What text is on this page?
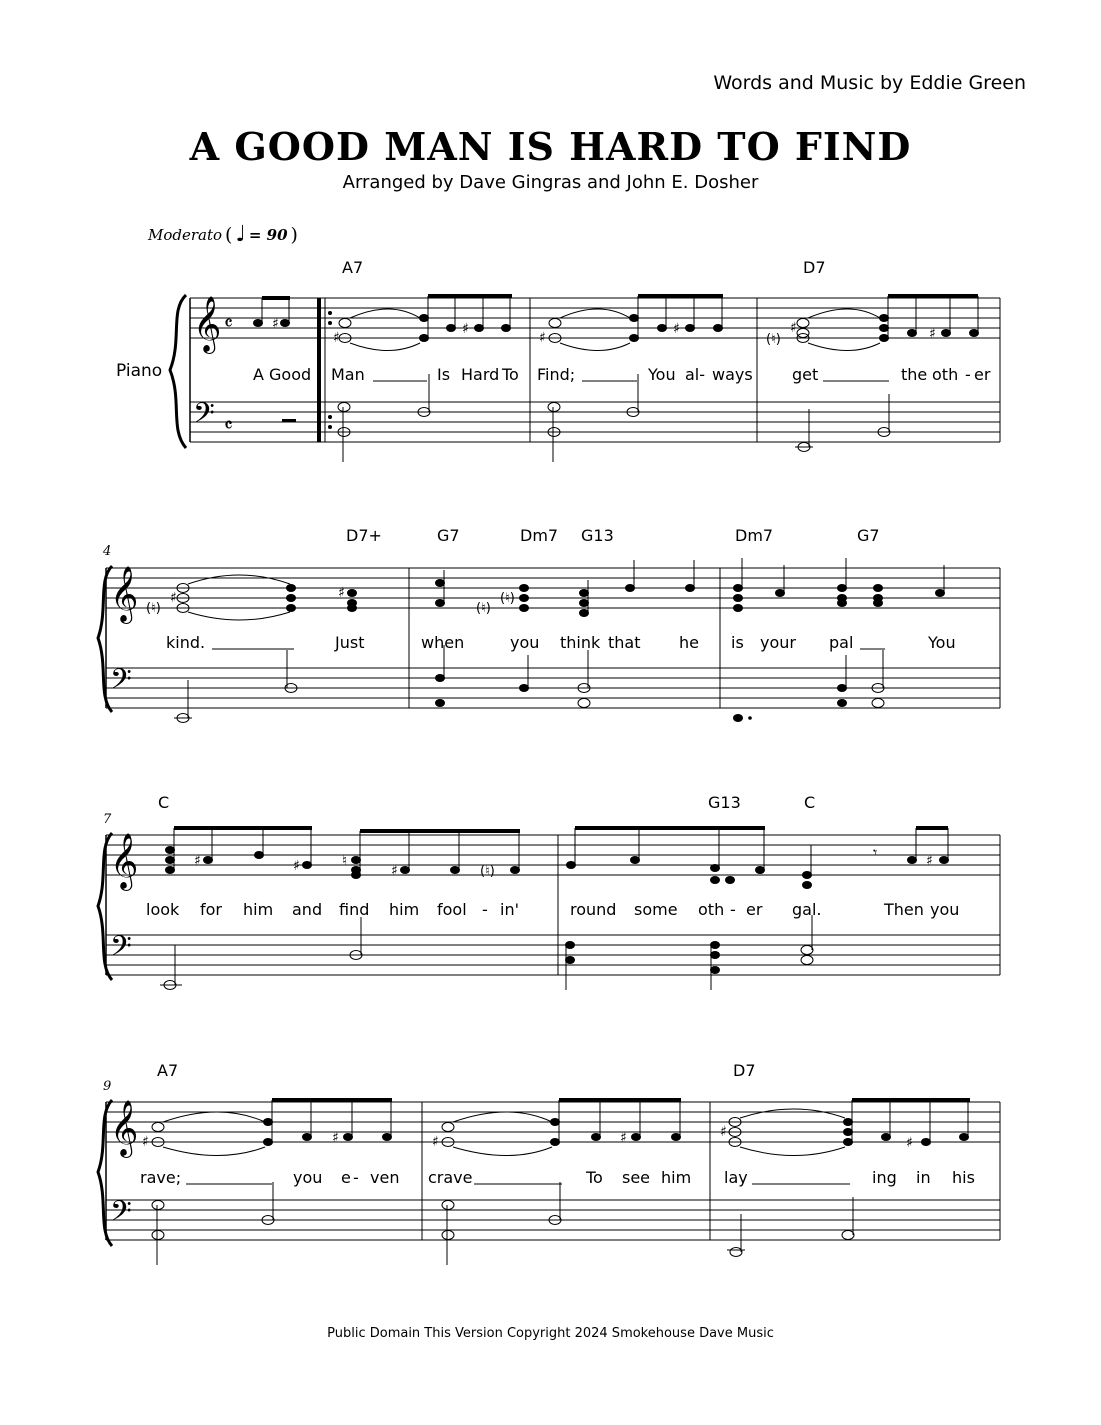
Words and Music by Eddie Green
A GOOD MAN IS HARD TO FIND
Arranged by Dave Gingras and John E. Dosher
Moderato ( ♩ = 90 )
Piano
𝄞
𝄢
𝄴
𝄴
♯
♯
♯
♯
♯
(♮)
♯	♯
A7	D7
A Good Man	Is Hard To Find;	You al- ways get	the oth - er
4
𝄞
𝄢
(♮)
♯	♯
(♮)
(♮)
D7+	G7	Dm7 G13	Dm7	G7
kind.	Just	when	you think that he is your pal	You
7
𝄞
𝄢
♯	♯	♮
♯	(♮)
♯
𝄾
C	G13	C
look for him and find him fool - in'	round some oth - er gal.	Then you
9
𝄞
𝄢
♯	♯	♯	♯	♯
♯
A7	D7
rave;	you e - ven crave	To see him lay	ing in his
Public Domain This Version Copyright 2024 Smokehouse Dave Music
